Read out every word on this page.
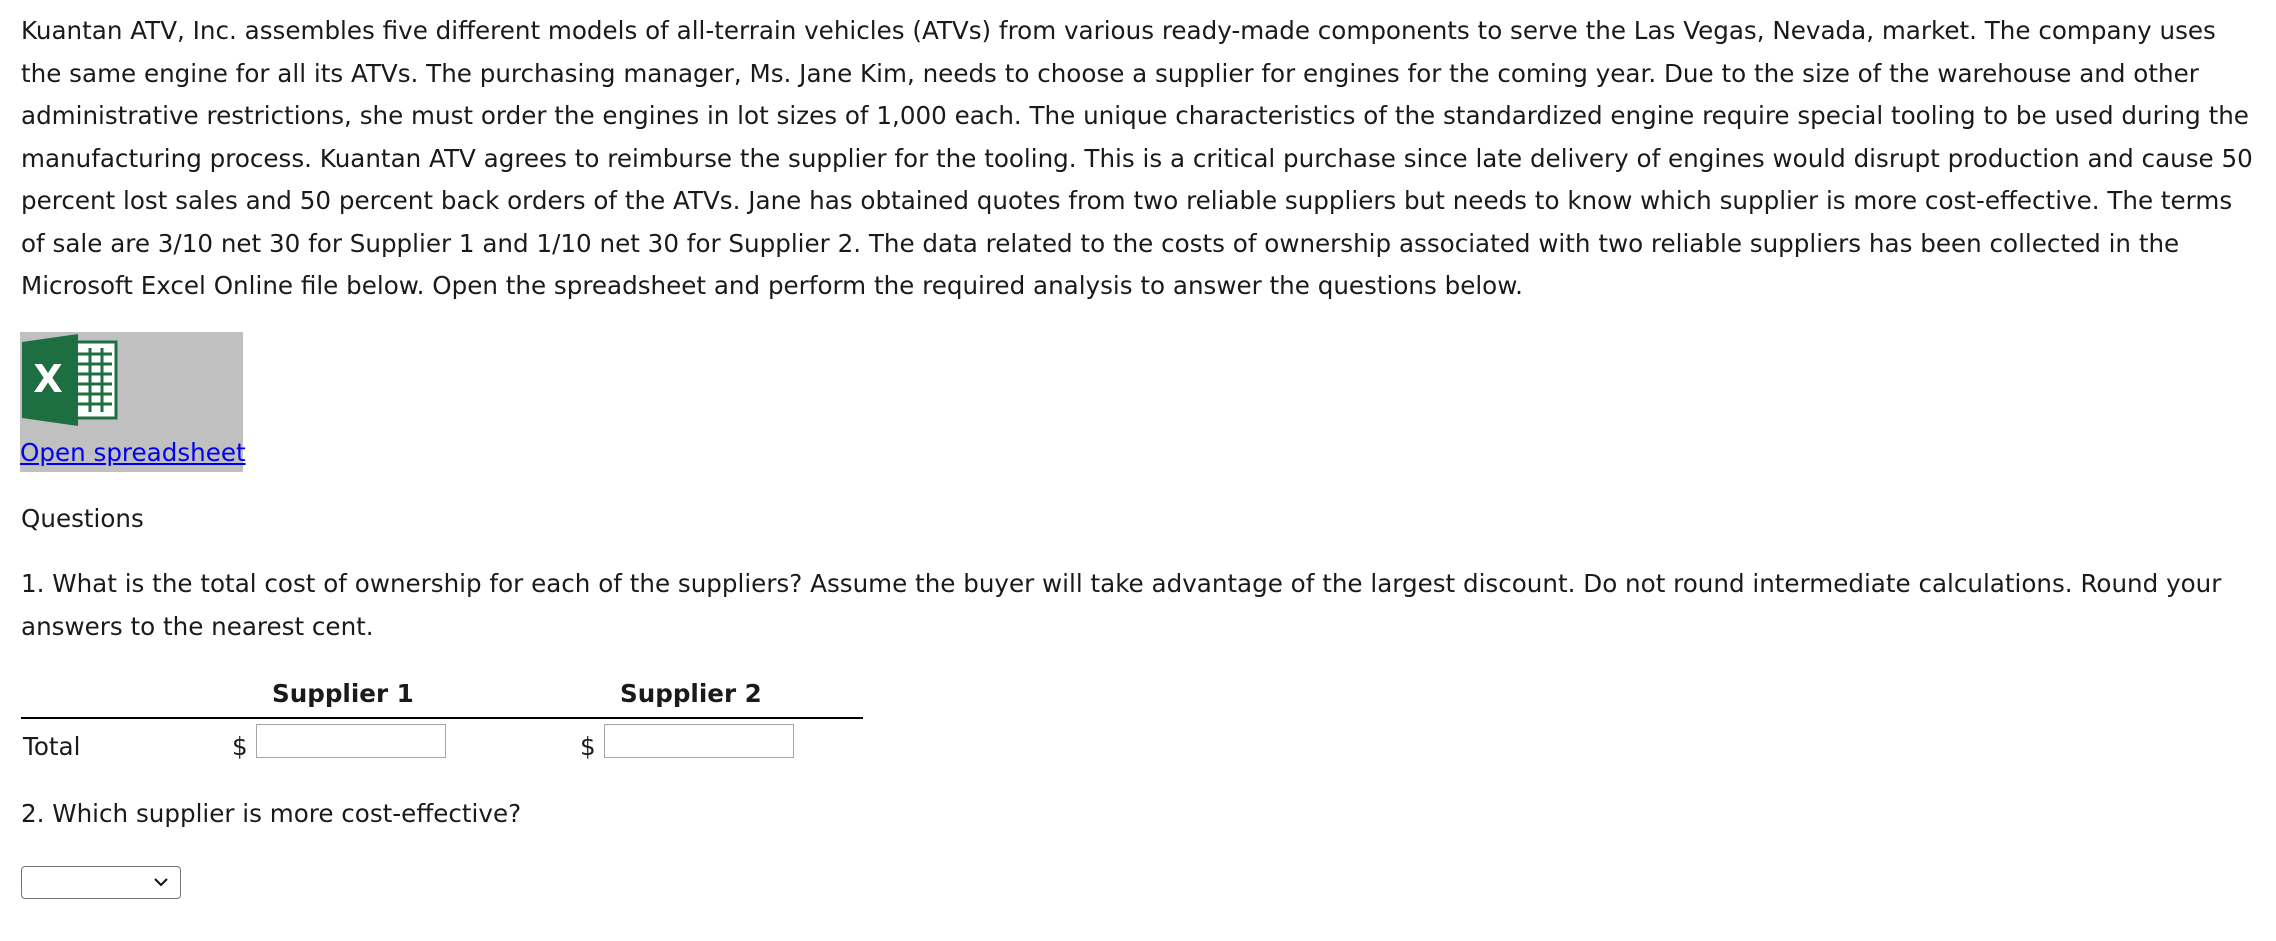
Kuantan ATV, Inc. assembles five different models of all-terrain vehicles (ATVs) from various ready-made components to serve the Las Vegas, Nevada, market. The company uses the same engine for all its ATVs. The purchasing manager, Ms. Jane Kim, needs to choose a supplier for engines for the coming year. Due to the size of the warehouse and other administrative restrictions, she must order the engines in lot sizes of 1,000 each. The unique characteristics of the standardized engine require special tooling to be used during the manufacturing process. Kuantan ATV agrees to reimburse the supplier for the tooling. This is a critical purchase since late delivery of engines would disrupt production and cause 50 percent lost sales and 50 percent back orders of the ATVs. Jane has obtained quotes from two reliable suppliers but needs to know which supplier is more cost-effective. The terms of sale are 3/10 net 30 for Supplier 1 and 1/10 net 30 for Supplier 2. The data related to the costs of ownership associated with two reliable suppliers has been collected in the Microsoft Excel Online file below. Open the spreadsheet and perform the required analysis to answer the questions below.

X
Open spreadsheet

Questions

1. What is the total cost of ownership for each of the suppliers? Assume the buyer will take advantage of the largest discount. Do not round intermediate calculations. Round your answers to the nearest cent.

Supplier 1	Supplier 2
Total	$	$

2. Which supplier is more cost-effective?
